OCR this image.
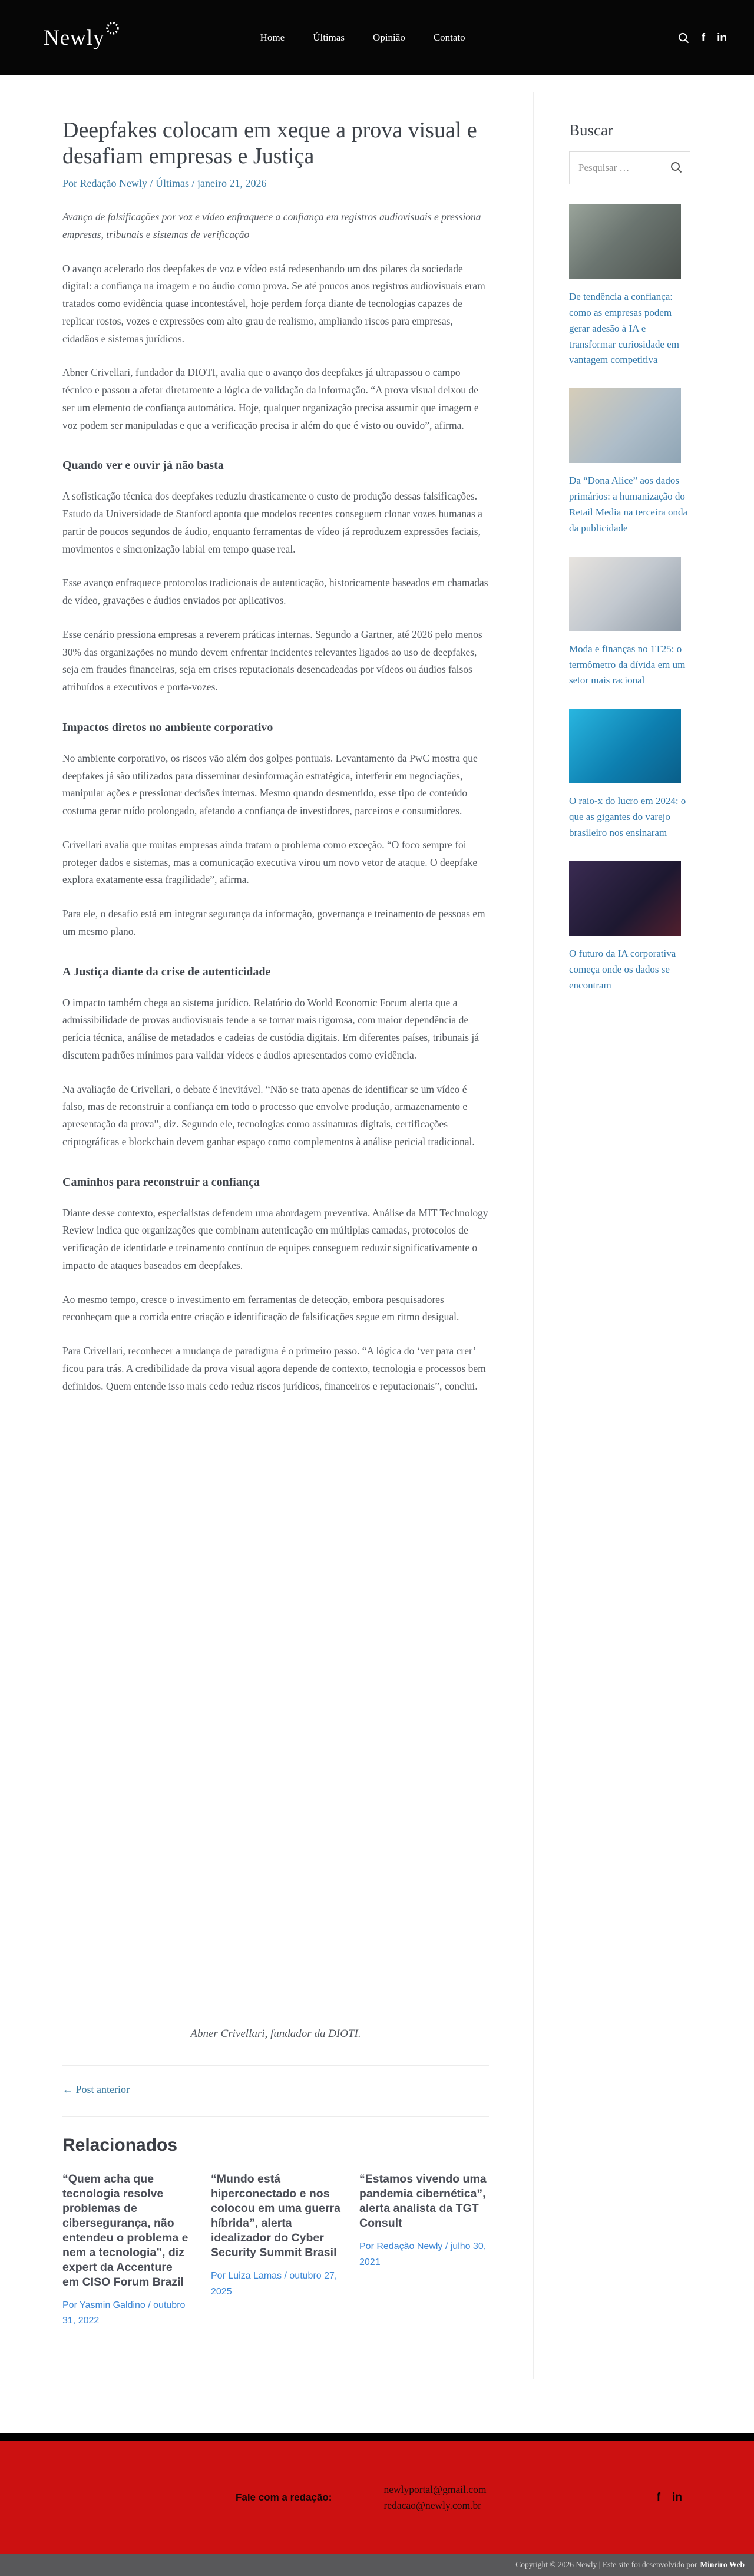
Newly	Home	Últimas	Opinião	Contato	f in
Deepfakes colocam em xeque a prova visual e desafiam empresas e Justiça
Por Redação Newly / Últimas / janeiro 21, 2026

Avanço de falsificações por voz e vídeo enfraquece a confiança em registros audiovisuais e pressiona empresas, tribunais e sistemas de verificação

O avanço acelerado dos deepfakes de voz e vídeo está redesenhando um dos pilares da sociedade digital: a confiança na imagem e no áudio como prova. Se até poucos anos registros audiovisuais eram tratados como evidência quase incontestável, hoje perdem força diante de tecnologias capazes de replicar rostos, vozes e expressões com alto grau de realismo, ampliando riscos para empresas, cidadãos e sistemas jurídicos.

Abner Crivellari, fundador da DIOTI, avalia que o avanço dos deepfakes já ultrapassou o campo técnico e passou a afetar diretamente a lógica de validação da informação. “A prova visual deixou de ser um elemento de confiança automática. Hoje, qualquer organização precisa assumir que imagem e voz podem ser manipuladas e que a verificação precisa ir além do que é visto ou ouvido”, afirma.

Quando ver e ouvir já não basta

A sofisticação técnica dos deepfakes reduziu drasticamente o custo de produção dessas falsificações. Estudo da Universidade de Stanford aponta que modelos recentes conseguem clonar vozes humanas a partir de poucos segundos de áudio, enquanto ferramentas de vídeo já reproduzem expressões faciais, movimentos e sincronização labial em tempo quase real.

Esse avanço enfraquece protocolos tradicionais de autenticação, historicamente baseados em chamadas de vídeo, gravações e áudios enviados por aplicativos.

Esse cenário pressiona empresas a reverem práticas internas. Segundo a Gartner, até 2026 pelo menos 30% das organizações no mundo devem enfrentar incidentes relevantes ligados ao uso de deepfakes, seja em fraudes financeiras, seja em crises reputacionais desencadeadas por vídeos ou áudios falsos atribuídos a executivos e porta-vozes.

Impactos diretos no ambiente corporativo

No ambiente corporativo, os riscos vão além dos golpes pontuais. Levantamento da PwC mostra que deepfakes já são utilizados para disseminar desinformação estratégica, interferir em negociações, manipular ações e pressionar decisões internas. Mesmo quando desmentido, esse tipo de conteúdo costuma gerar ruído prolongado, afetando a confiança de investidores, parceiros e consumidores.

Crivellari avalia que muitas empresas ainda tratam o problema como exceção. “O foco sempre foi proteger dados e sistemas, mas a comunicação executiva virou um novo vetor de ataque. O deepfake explora exatamente essa fragilidade”, afirma.

Para ele, o desafio está em integrar segurança da informação, governança e treinamento de pessoas em um mesmo plano.

A Justiça diante da crise de autenticidade

O impacto também chega ao sistema jurídico. Relatório do World Economic Forum alerta que a admissibilidade de provas audiovisuais tende a se tornar mais rigorosa, com maior dependência de perícia técnica, análise de metadados e cadeias de custódia digitais. Em diferentes países, tribunais já discutem padrões mínimos para validar vídeos e áudios apresentados como evidência.

Na avaliação de Crivellari, o debate é inevitável. “Não se trata apenas de identificar se um vídeo é falso, mas de reconstruir a confiança em todo o processo que envolve produção, armazenamento e apresentação da prova”, diz. Segundo ele, tecnologias como assinaturas digitais, certificações criptográficas e blockchain devem ganhar espaço como complementos à análise pericial tradicional.

Caminhos para reconstruir a confiança

Diante desse contexto, especialistas defendem uma abordagem preventiva. Análise da MIT Technology Review indica que organizações que combinam autenticação em múltiplas camadas, protocolos de verificação de identidade e treinamento contínuo de equipes conseguem reduzir significativamente o impacto de ataques baseados em deepfakes.

Ao mesmo tempo, cresce o investimento em ferramentas de detecção, embora pesquisadores reconheçam que a corrida entre criação e identificação de falsificações segue em ritmo desigual.

Para Crivellari, reconhecer a mudança de paradigma é o primeiro passo. “A lógica do ‘ver para crer’ ficou para trás. A credibilidade da prova visual agora depende de contexto, tecnologia e processos bem definidos. Quem entende isso mais cedo reduz riscos jurídicos, financeiros e reputacionais”, conclui.

Abner Crivellari, fundador da DIOTI.
← Post anterior
Relacionados
“Quem acha que tecnologia resolve problemas de cibersegurança, não entendeu o problema e nem a tecnologia”, diz expert da Accenture em CISO Forum Brazil
Por Yasmin Galdino / outubro 31, 2022
“Mundo está hiperconectado e nos colocou em uma guerra híbrida”, alerta idealizador do Cyber Security Summit Brasil
Por Luiza Lamas / outubro 27, 2025
“Estamos vivendo uma pandemia cibernética”, alerta analista da TGT Consult
Por Redação Newly / julho 30, 2021
Buscar
Pesquisar …
De tendência a confiança: como as empresas podem gerar adesão à IA e transformar curiosidade em vantagem competitiva
Da “Dona Alice” aos dados primários: a humanização do Retail Media na terceira onda da publicidade
Moda e finanças no 1T25: o termômetro da dívida em um setor mais racional
O raio-x do lucro em 2024: o que as gigantes do varejo brasileiro nos ensinaram
O futuro da IA corporativa começa onde os dados se encontram
Fale com a redação:
newlyportal@gmail.com
redacao@newly.com.br
f in
Copyright © 2026 Newly | Este site foi desenvolvido por Mineiro Web
